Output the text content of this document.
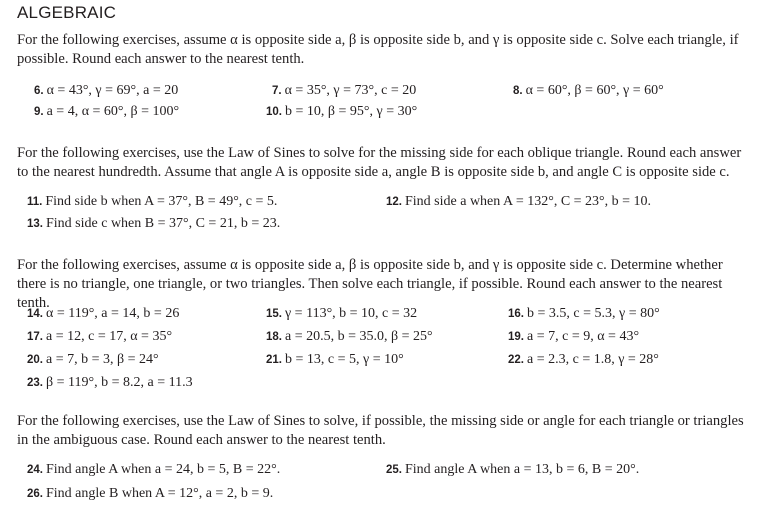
ALGEBRAIC
For the following exercises, assume α is opposite side a, β is opposite side b, and γ is opposite side c. Solve each triangle, if possible. Round each answer to the nearest tenth.
6. α = 43°, γ = 69°, a = 20	7. α = 35°, γ = 73°, c = 20	8. α = 60°, β = 60°, γ = 60°
9. a = 4, α = 60°, β = 100°	10. b = 10, β = 95°, γ = 30°
For the following exercises, use the Law of Sines to solve for the missing side for each oblique triangle. Round each answer to the nearest hundredth. Assume that angle A is opposite side a, angle B is opposite side b, and angle C is opposite side c.
11. Find side b when A = 37°, B = 49°, c = 5.	12. Find side a when A = 132°, C = 23°, b = 10.
13. Find side c when B = 37°, C = 21, b = 23.
For the following exercises, assume α is opposite side a, β is opposite side b, and γ is opposite side c. Determine whether there is no triangle, one triangle, or two triangles. Then solve each triangle, if possible. Round each answer to the nearest tenth.
14. α = 119°, a = 14, b = 26	15. γ = 113°, b = 10, c = 32	16. b = 3.5, c = 5.3, γ = 80°
17. a = 12, c = 17, α = 35°	18. a = 20.5, b = 35.0, β = 25°	19. a = 7, c = 9, α = 43°
20. a = 7, b = 3, β = 24°	21. b = 13, c = 5, γ = 10°	22. a = 2.3, c = 1.8, γ = 28°
23. β = 119°, b = 8.2, a = 11.3
For the following exercises, use the Law of Sines to solve, if possible, the missing side or angle for each triangle or triangles in the ambiguous case. Round each answer to the nearest tenth.
24. Find angle A when a = 24, b = 5, B = 22°.	25. Find angle A when a = 13, b = 6, B = 20°.
26. Find angle B when A = 12°, a = 2, b = 9.
